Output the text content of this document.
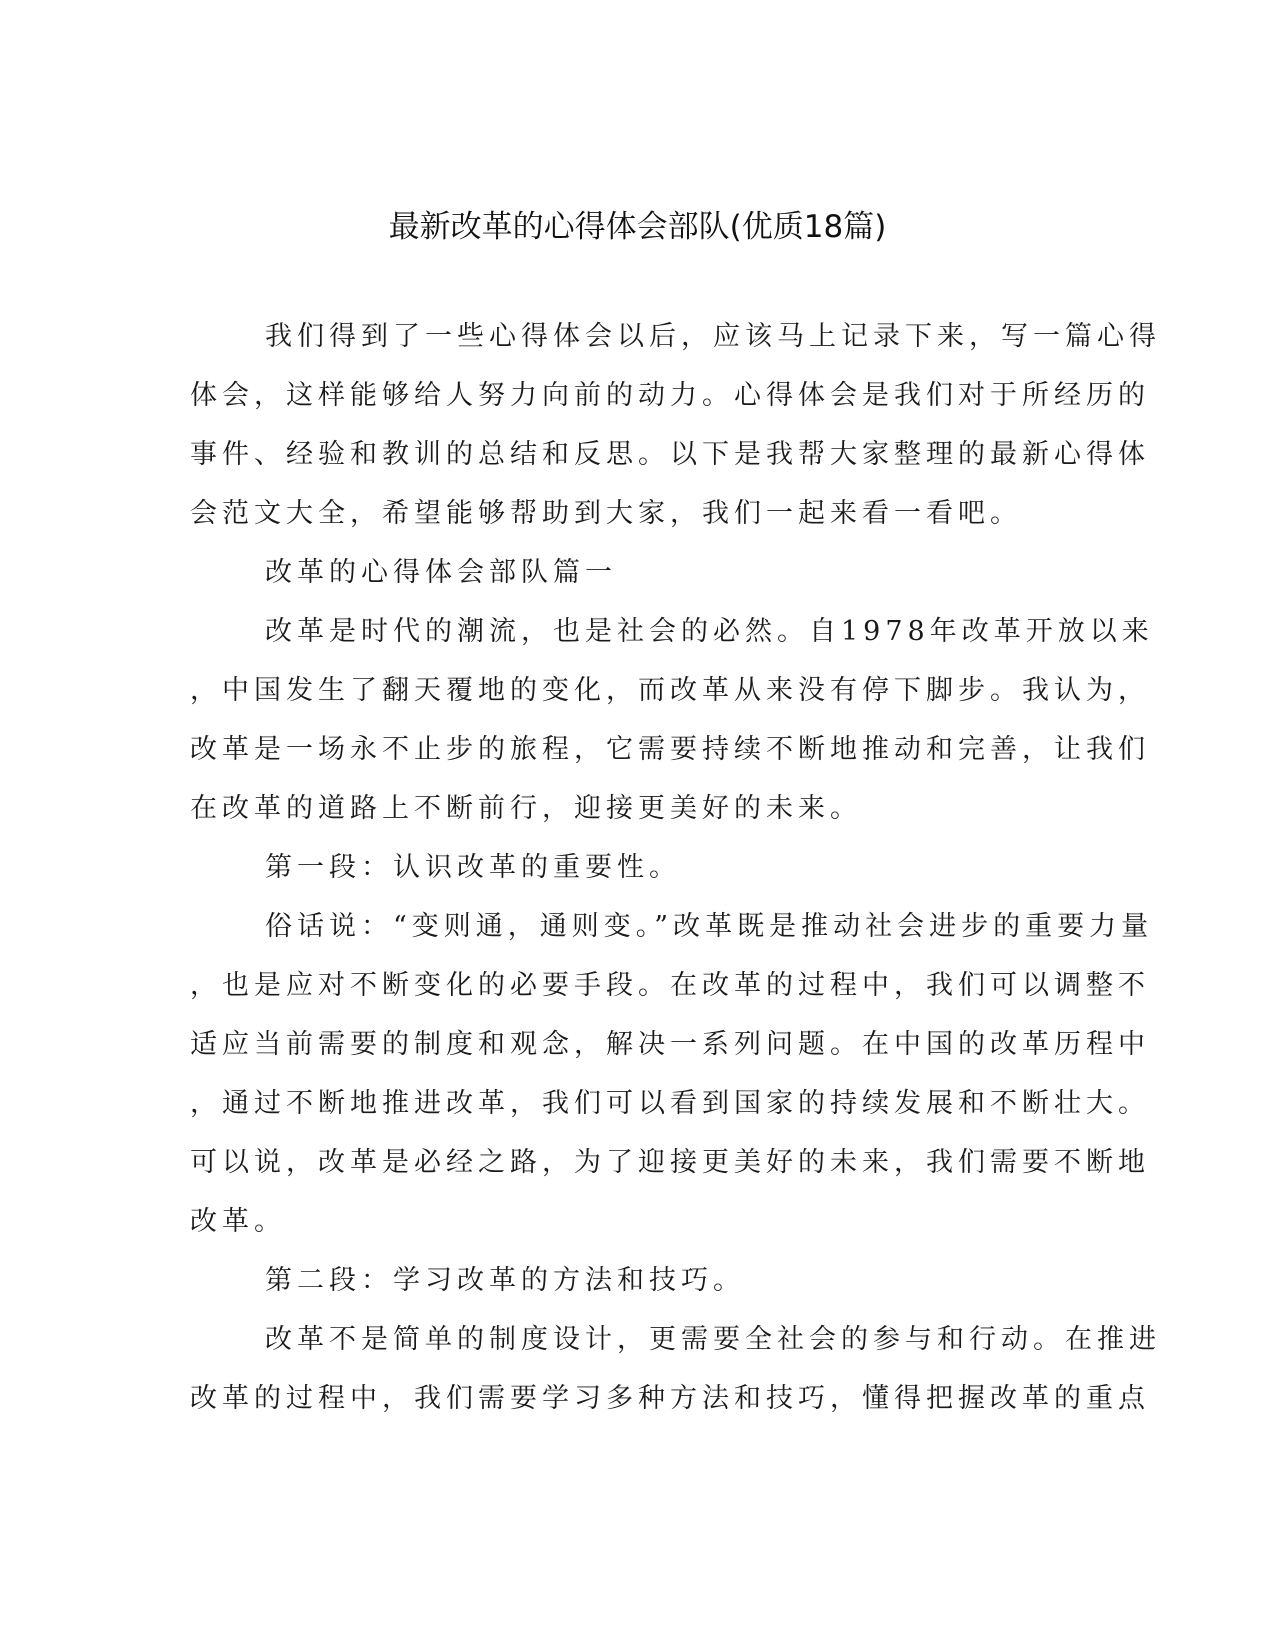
最新改革的心得体会部队(优质18篇)
我们得到了一些心得体会以后，应该马上记录下来，写一篇心得
体会，这样能够给人努力向前的动力。心得体会是我们对于所经历的
事件、经验和教训的总结和反思。以下是我帮大家整理的最新心得体
会范文大全，希望能够帮助到大家，我们一起来看一看吧。
改革的心得体会部队篇一
改革是时代的潮流，也是社会的必然。自1978年改革开放以来
，中国发生了翻天覆地的变化，而改革从来没有停下脚步。我认为，
改革是一场永不止步的旅程，它需要持续不断地推动和完善，让我们
在改革的道路上不断前行，迎接更美好的未来。
第一段：认识改革的重要性。
俗话说：“变则通，通则变。”改革既是推动社会进步的重要力量
，也是应对不断变化的必要手段。在改革的过程中，我们可以调整不
适应当前需要的制度和观念，解决一系列问题。在中国的改革历程中
，通过不断地推进改革，我们可以看到国家的持续发展和不断壮大。
可以说，改革是必经之路，为了迎接更美好的未来，我们需要不断地
改革。
第二段：学习改革的方法和技巧。
改革不是简单的制度设计，更需要全社会的参与和行动。在推进
改革的过程中，我们需要学习多种方法和技巧，懂得把握改革的重点
